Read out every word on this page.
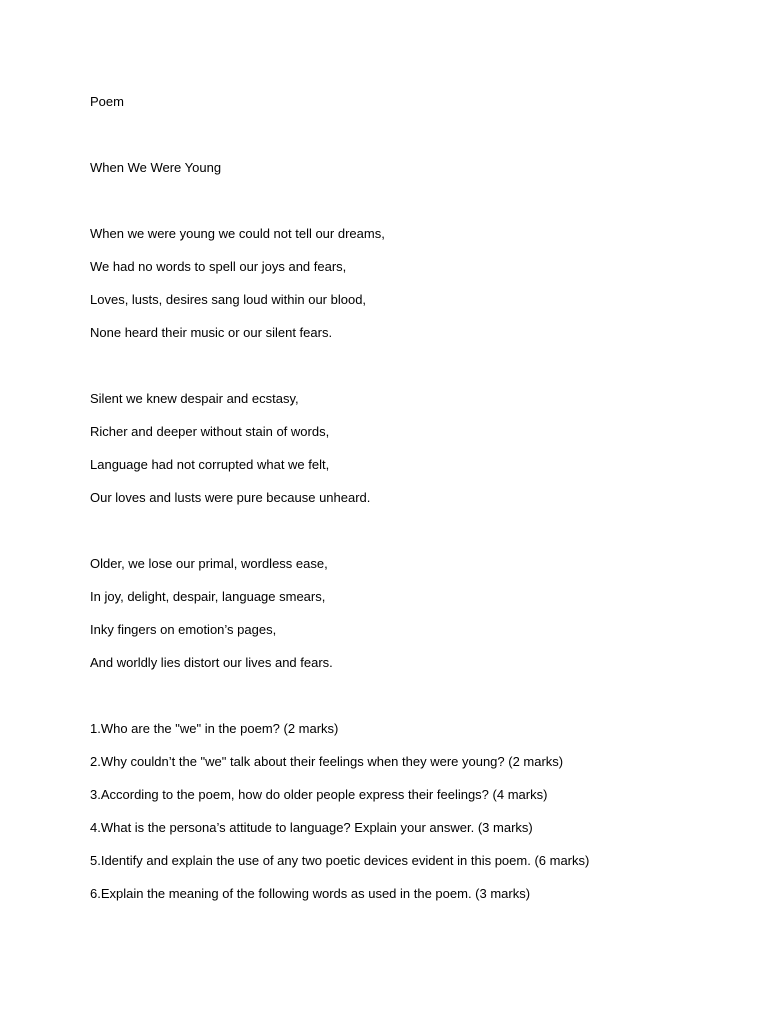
Poem

When We Were Young

When we were young we could not tell our dreams,

We had no words to spell our joys and fears,

Loves, lusts, desires sang loud within our blood,

None heard their music or our silent fears.

Silent we knew despair and ecstasy,

Richer and deeper without stain of words,

Language had not corrupted what we felt,

Our loves and lusts were pure because unheard.

Older, we lose our primal, wordless ease,

In joy, delight, despair, language smears,

Inky fingers on emotion’s pages,

And worldly lies distort our lives and fears.

1.Who are the "we" in the poem? (2 marks)

2.Why couldn’t the "we" talk about their feelings when they were young? (2 marks)

3.According to the poem, how do older people express their feelings? (4 marks)

4.What is the persona’s attitude to language? Explain your answer. (3 marks)

5.Identify and explain the use of any two poetic devices evident in this poem. (6 marks)

6.Explain the meaning of the following words as used in the poem. (3 marks)
